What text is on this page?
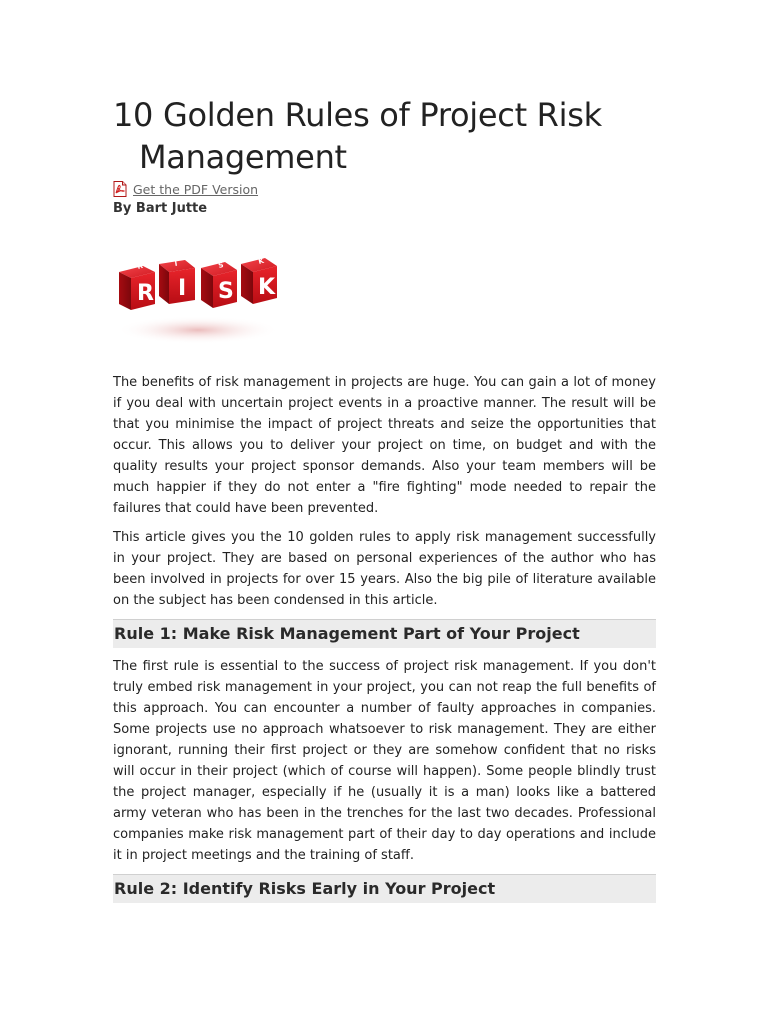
10 Golden Rules of Project Risk Management
Get the PDF Version
By Bart Jutte
R
R
I
I
S
S
K
K

The benefits of risk management in projects are huge. You can gain a lot of money if you deal with uncertain project events in a proactive manner. The result will be that you minimise the impact of project threats and seize the opportunities that occur. This allows you to deliver your project on time, on budget and with the quality results your project sponsor demands. Also your team members will be much happier if they do not enter a "fire fighting" mode needed to repair the failures that could have been prevented.

This article gives you the 10 golden rules to apply risk management successfully in your project. They are based on personal experiences of the author who has been involved in projects for over 15 years. Also the big pile of literature available on the subject has been condensed in this article.

Rule 1: Make Risk Management Part of Your Project

The first rule is essential to the success of project risk management. If you don't truly embed risk management in your project, you can not reap the full benefits of this approach. You can encounter a number of faulty approaches in companies. Some projects use no approach whatsoever to risk management. They are either ignorant, running their first project or they are somehow confident that no risks will occur in their project (which of course will happen). Some people blindly trust the project manager, especially if he (usually it is a man) looks like a battered army veteran who has been in the trenches for the last two decades. Professional companies make risk management part of their day to day operations and include it in project meetings and the training of staff.

Rule 2: Identify Risks Early in Your Project
